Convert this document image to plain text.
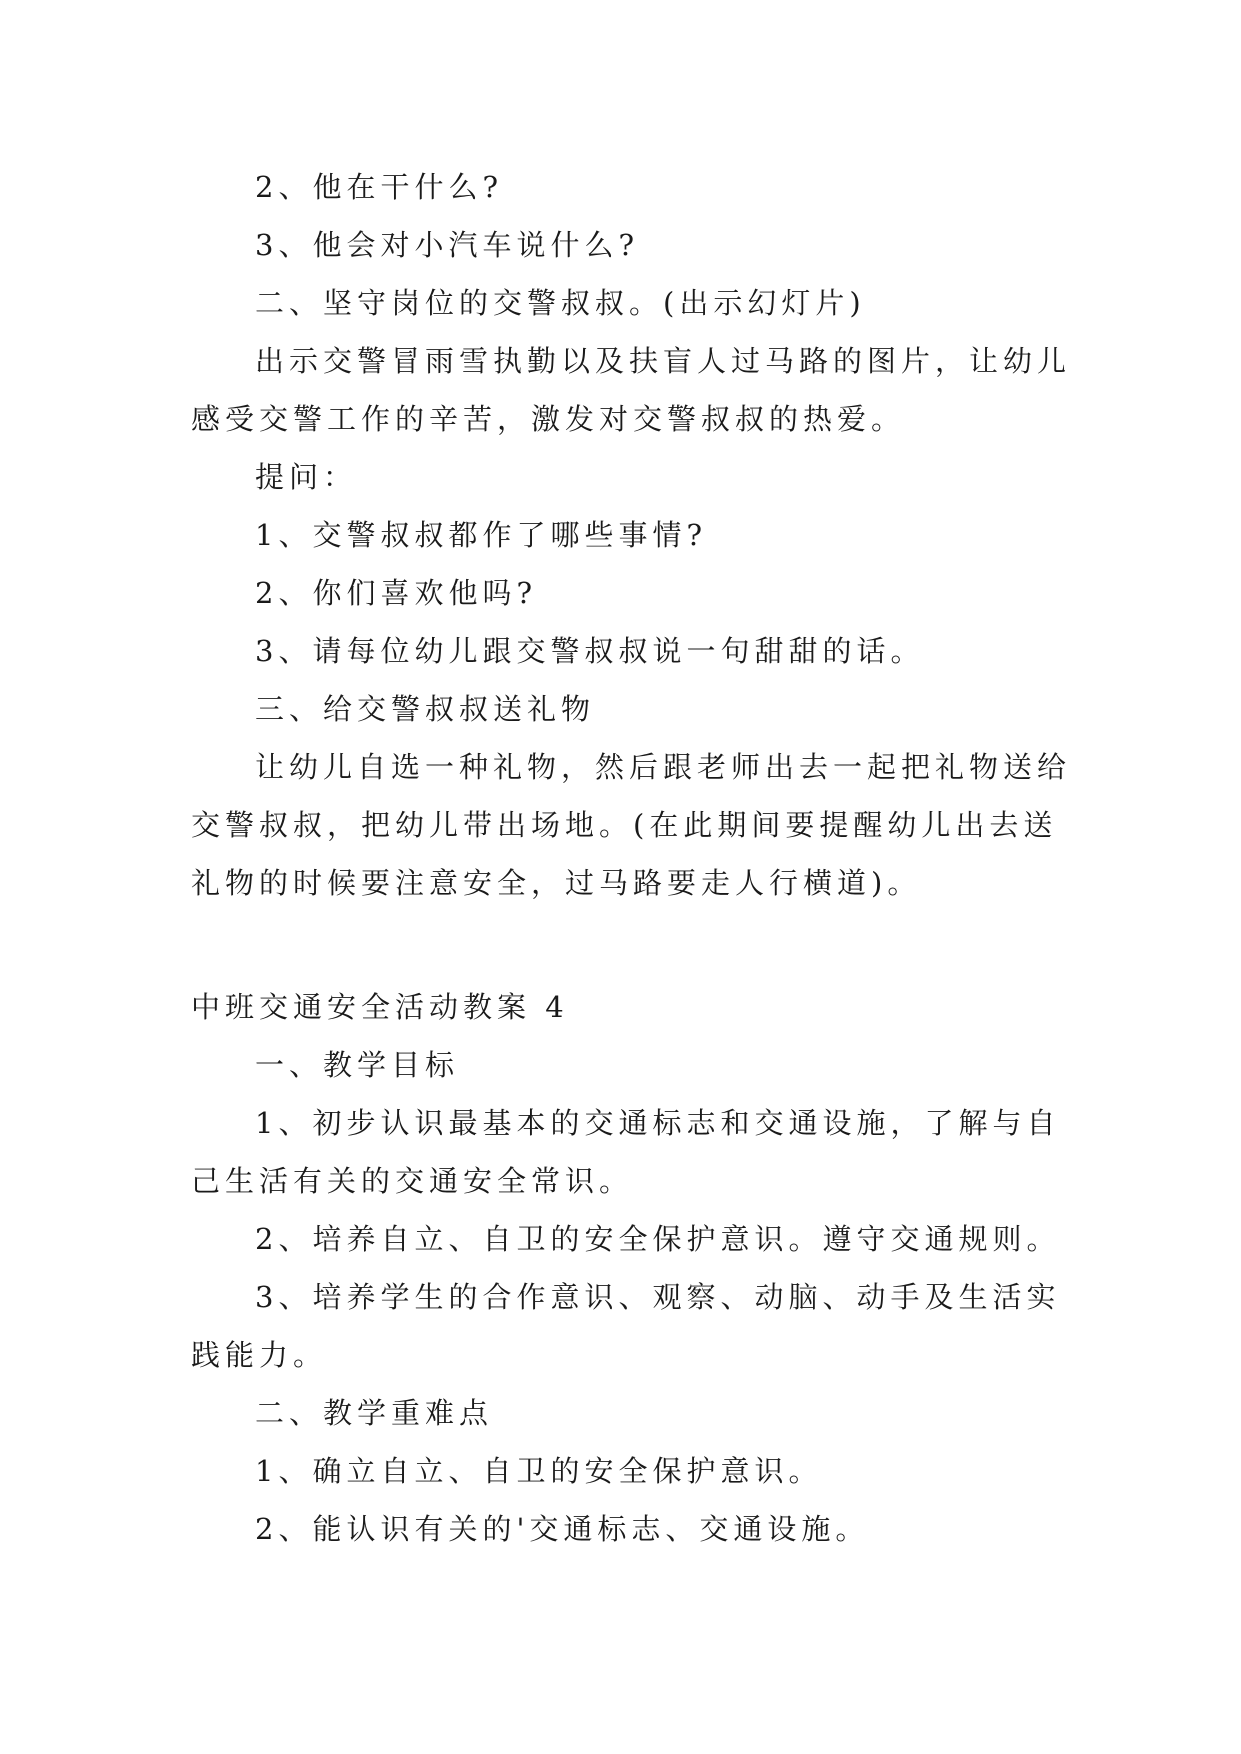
2、他在干什么?

3、他会对小汽车说什么?

二、坚守岗位的交警叔叔。(出示幻灯片)

出示交警冒雨雪执勤以及扶盲人过马路的图片，让幼儿

感受交警工作的辛苦，激发对交警叔叔的热爱。

提问：

1、交警叔叔都作了哪些事情?

2、你们喜欢他吗?

3、请每位幼儿跟交警叔叔说一句甜甜的话。

三、给交警叔叔送礼物

让幼儿自选一种礼物，然后跟老师出去一起把礼物送给

交警叔叔，把幼儿带出场地。(在此期间要提醒幼儿出去送

礼物的时候要注意安全，过马路要走人行横道)。

中班交通安全活动教案 4

一、教学目标

1、初步认识最基本的交通标志和交通设施，了解与自

己生活有关的交通安全常识。

2、培养自立、自卫的安全保护意识。遵守交通规则。

3、培养学生的合作意识、观察、动脑、动手及生活实

践能力。

二、教学重难点

1、确立自立、自卫的安全保护意识。

2、能认识有关的'交通标志、交通设施。
